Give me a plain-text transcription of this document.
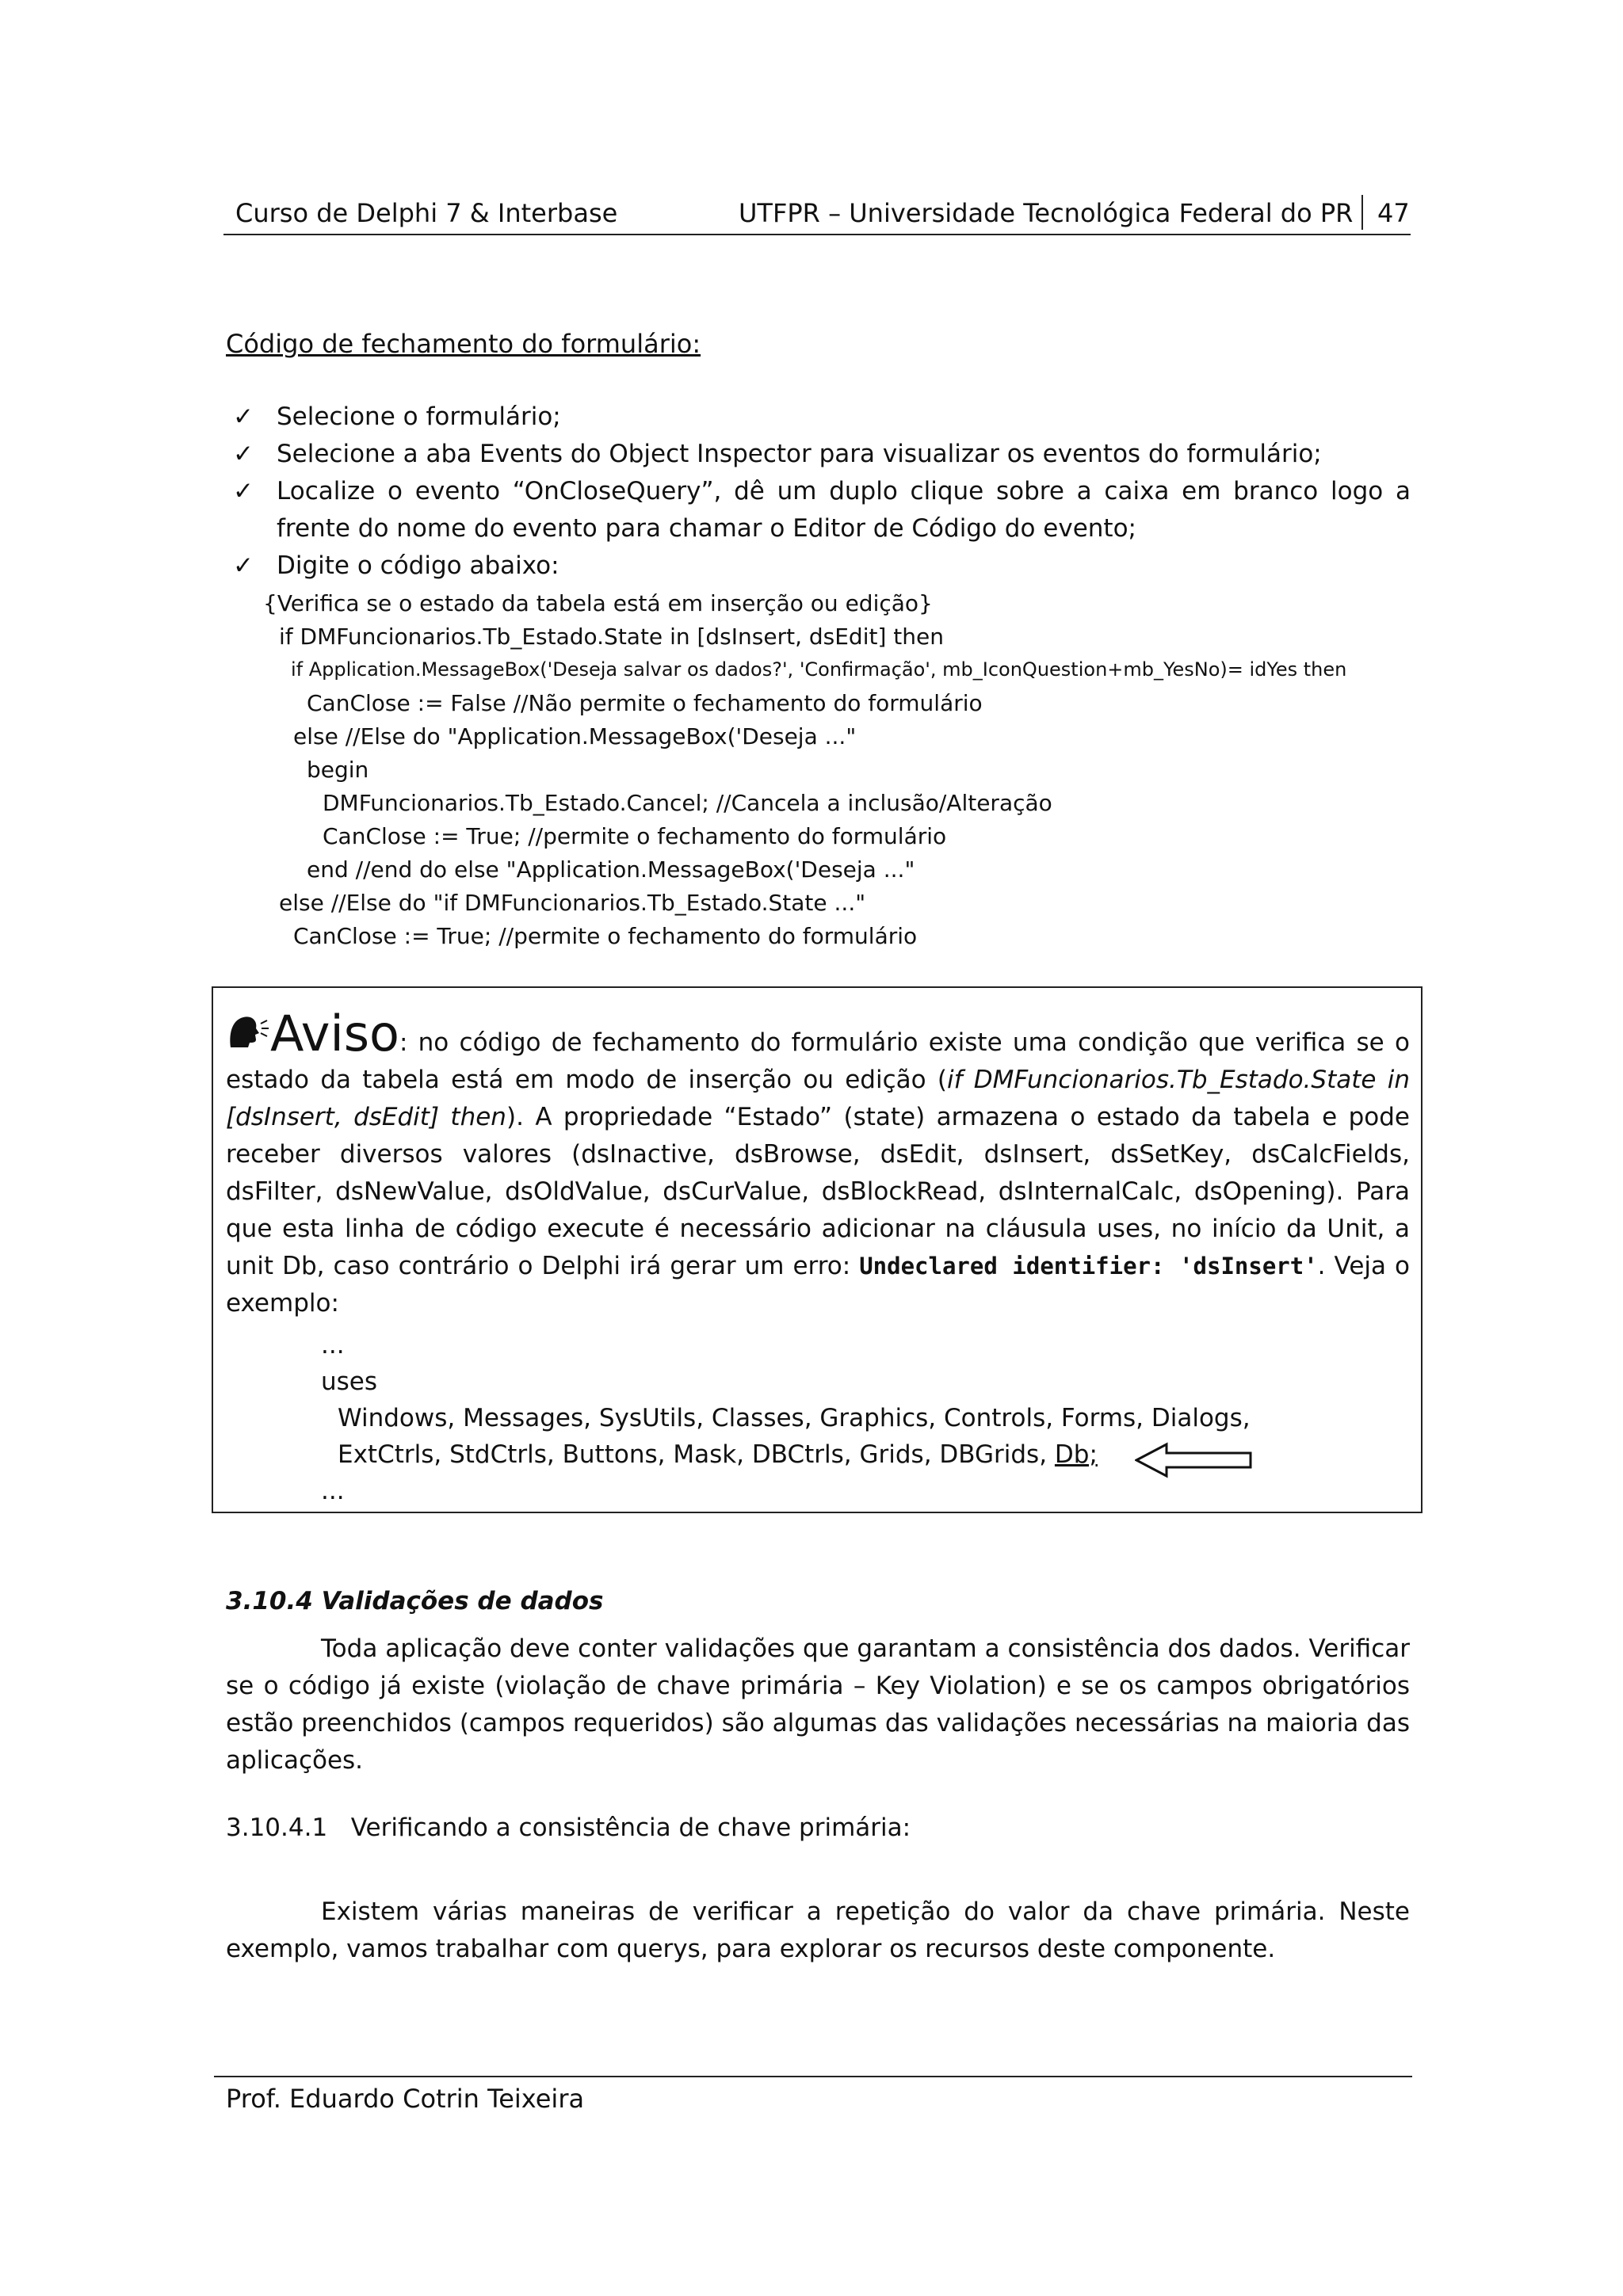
Curso de Delphi 7 & Interbase	UTFPR – Universidade Tecnológica Federal do PR 47
Código de fechamento do formulário:
✓ Selecione o formulário;
✓ Selecione a aba Events do Object Inspector para visualizar os eventos do formulário;
✓ Localize o evento “OnCloseQuery”, dê um duplo clique sobre a caixa em branco logo a frente do nome do evento para chamar o Editor de Código do evento;
✓ Digite o código abaixo:
{Verifica se o estado da tabela está em inserção ou edição}
if DMFuncionarios.Tb_Estado.State in [dsInsert, dsEdit] then
if Application.MessageBox('Deseja salvar os dados?', 'Confirmação', mb_IconQuestion+mb_YesNo)= idYes then
CanClose := False //Não permite o fechamento do formulário
else //Else do "Application.MessageBox('Deseja ..."
begin
DMFuncionarios.Tb_Estado.Cancel; //Cancela a inclusão/Alteração
CanClose := True; //permite o fechamento do formulário
end //end do else "Application.MessageBox('Deseja ..."
else //Else do "if DMFuncionarios.Tb_Estado.State ..."
CanClose := True; //permite o fechamento do formulário
Aviso: no código de fechamento do formulário existe uma condição que verifica se o estado da tabela está em modo de inserção ou edição (if DMFuncionarios.Tb_Estado.State in [dsInsert, dsEdit] then). A propriedade “Estado” (state) armazena o estado da tabela e pode receber diversos valores (dsInactive, dsBrowse, dsEdit, dsInsert, dsSetKey, dsCalcFields, dsFilter, dsNewValue, dsOldValue, dsCurValue, dsBlockRead, dsInternalCalc, dsOpening). Para que esta linha de código execute é necessário adicionar na cláusula uses, no início da Unit, a unit Db, caso contrário o Delphi irá gerar um erro: Undeclared identifier: 'dsInsert'. Veja o exemplo:
...
uses
Windows, Messages, SysUtils, Classes, Graphics, Controls, Forms, Dialogs,
ExtCtrls, StdCtrls, Buttons, Mask, DBCtrls, Grids, DBGrids, Db;
...
3.10.4 Validações de dados
Toda aplicação deve conter validações que garantam a consistência dos dados. Verificar se o código já existe (violação de chave primária – Key Violation) e se os campos obrigatórios estão preenchidos (campos requeridos) são algumas das validações necessárias na maioria das aplicações.
3.10.4.1   Verificando a consistência de chave primária:
Existem várias maneiras de verificar a repetição do valor da chave primária. Neste exemplo, vamos trabalhar com querys, para explorar os recursos deste componente.
Prof. Eduardo Cotrin Teixeira
